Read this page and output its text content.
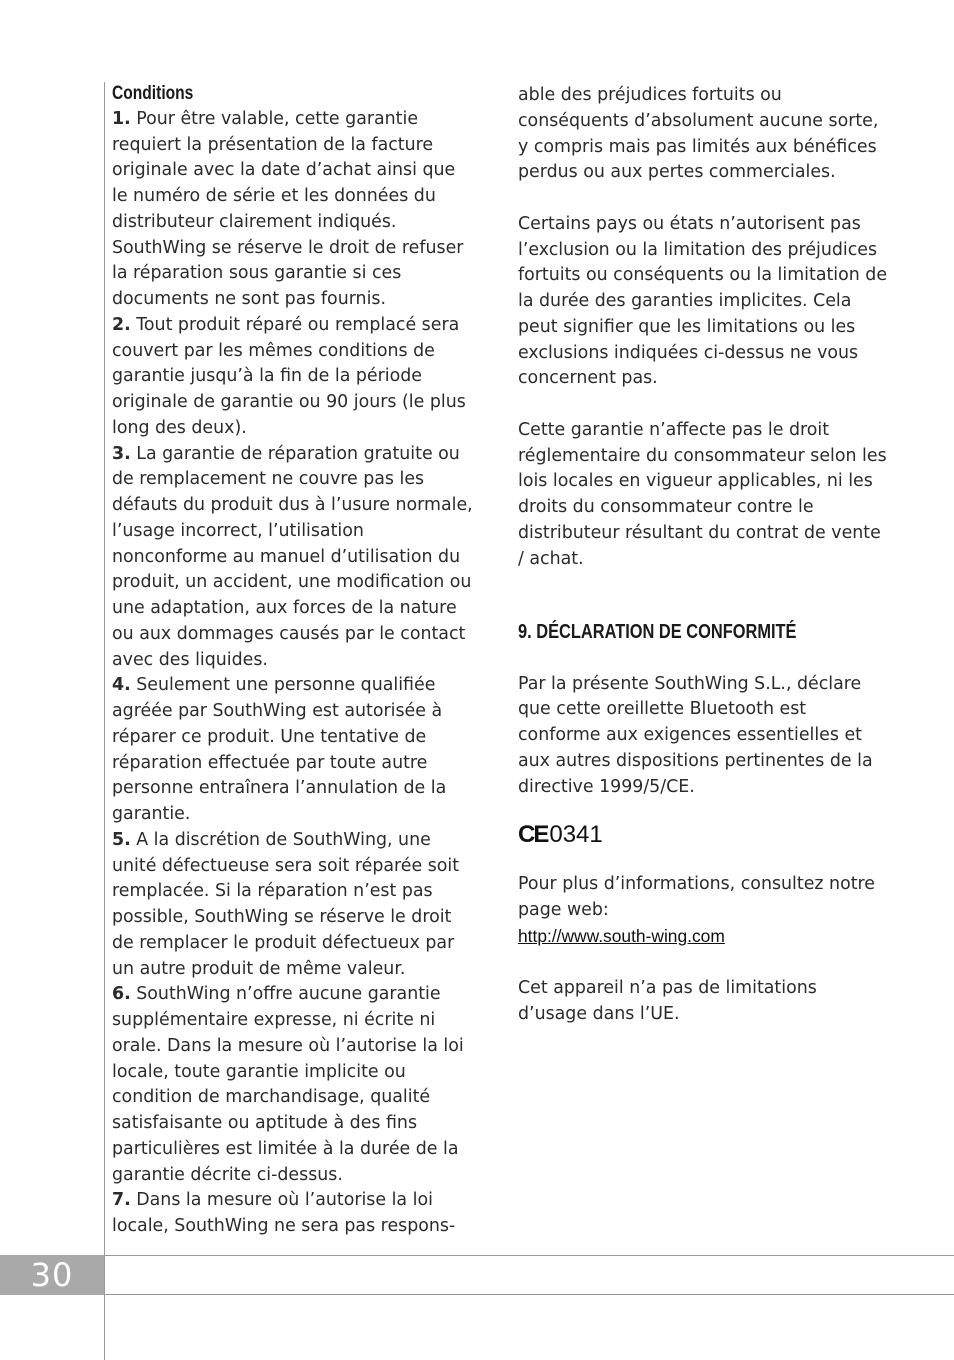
30
Conditions

1. Pour être valable, cette garantie requiert la présentation de la facture originale avec la date d’achat ainsi que le numéro de série et les données du distributeur clairement indiqués. SouthWing se réserve le droit de refuser la réparation sous garantie si ces documents ne sont pas fournis.

2. Tout produit réparé ou remplacé sera couvert par les mêmes conditions de garantie jusqu’à la fin de la période originale de garantie ou 90 jours (le plus long des deux).

3. La garantie de réparation gratuite ou de remplacement ne couvre pas les défauts du produit dus à l’usure normale, l’usage incorrect, l’utilisation nonconforme au manuel d’utilisation du produit, un accident, une modification ou une adaptation, aux forces de la nature ou aux dommages causés par le contact avec des liquides.

4. Seulement une personne qualifiée agréée par SouthWing est autorisée à réparer ce produit. Une tentative de réparation effectuée par toute autre personne entraînera l’annulation de la garantie.

5. A la discrétion de SouthWing, une unité défectueuse sera soit réparée soit remplacée. Si la réparation n’est pas possible, SouthWing se réserve le droit de remplacer le produit défectueux par un autre produit de même valeur.

6. SouthWing n’offre aucune garantie supplémentaire expresse, ni écrite ni orale. Dans la mesure où l’autorise la loi locale, toute garantie implicite ou condition de marchandisage, qualité satisfaisante ou aptitude à des fins particulières est limitée à la durée de la garantie décrite ci-dessus.

7. Dans la mesure où l’autorise la loi locale, SouthWing ne sera pas respons-

able des préjudices fortuits ou conséquents d’absolument aucune sorte, y compris mais pas limités aux bénéfices perdus ou aux pertes commerciales.

Certains pays ou états n’autorisent pas l’exclusion ou la limitation des préjudices fortuits ou conséquents ou la limitation de la durée des garanties implicites. Cela peut signifier que les limitations ou les exclusions indiquées ci-dessus ne vous concernent pas.

Cette garantie n’affecte pas le droit réglementaire du consommateur selon les lois locales en vigueur applicables, ni les droits du consommateur contre le distributeur résultant du contrat de vente / achat.

9. DÉCLARATION DE CONFORMITÉ

Par la présente SouthWing S.L., déclare que cette oreillette Bluetooth est conforme aux exigences essentielles et aux autres dispositions pertinentes de la directive 1999/5/CE.

CE0341

Pour plus d’informations, consultez notre page web:

http://www.south-wing.com

Cet appareil n’a pas de limitations d’usage dans l’UE.
